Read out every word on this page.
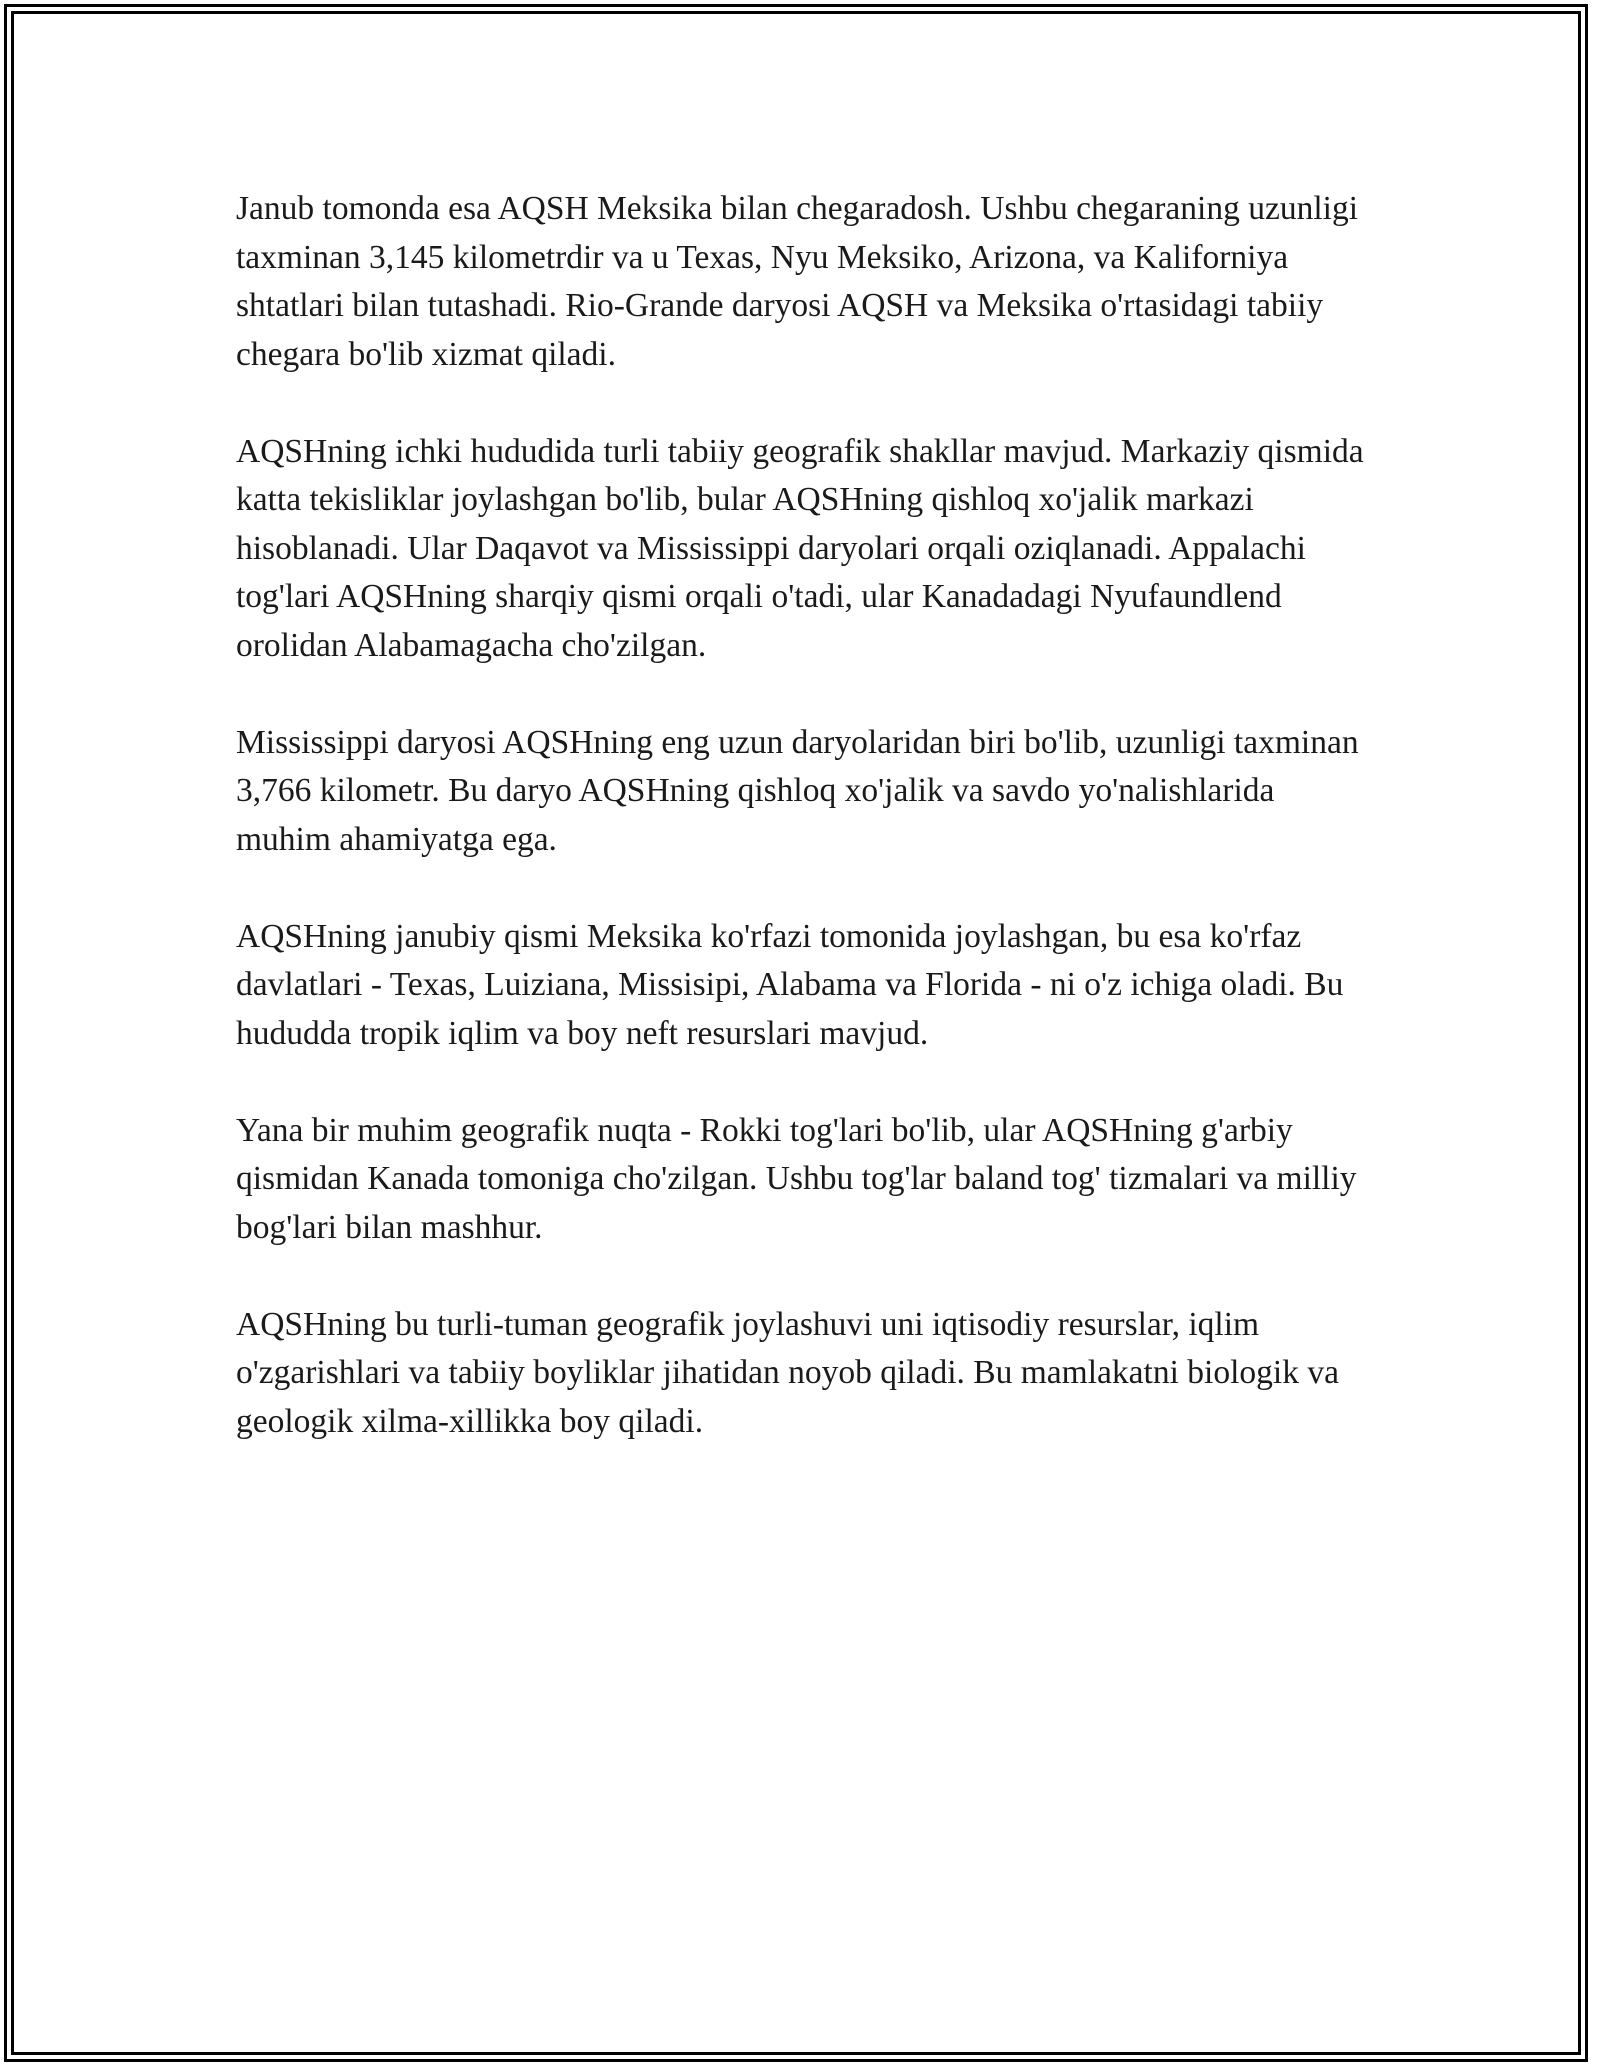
Janub tomonda esa AQSH Meksika bilan chegaradosh. Ushbu chegaraning uzunligi taxminan 3,145 kilometrdir va u Texas, Nyu Meksiko, Arizona, va Kaliforniya shtatlari bilan tutashadi. Rio-Grande daryosi AQSH va Meksika o'rtasidagi tabiiy chegara bo'lib xizmat qiladi.

AQSHning ichki hududida turli tabiiy geografik shakllar mavjud. Markaziy qismida katta tekisliklar joylashgan bo'lib, bular AQSHning qishloq xo'jalik markazi hisoblanadi. Ular Daqavot va Mississippi daryolari orqali oziqlanadi. Appalachi tog'lari AQSHning sharqiy qismi orqali o'tadi, ular Kanadadagi Nyufaundlend orolidan Alabamagacha cho'zilgan.

Mississippi daryosi AQSHning eng uzun daryolaridan biri bo'lib, uzunligi taxminan 3,766 kilometr. Bu daryo AQSHning qishloq xo'jalik va savdo yo'nalishlarida muhim ahamiyatga ega.

AQSHning janubiy qismi Meksika ko'rfazi tomonida joylashgan, bu esa ko'rfaz davlatlari - Texas, Luiziana, Missisipi, Alabama va Florida - ni o'z ichiga oladi. Bu hududda tropik iqlim va boy neft resurslari mavjud.

Yana bir muhim geografik nuqta - Rokki tog'lari bo'lib, ular AQSHning g'arbiy qismidan Kanada tomoniga cho'zilgan. Ushbu tog'lar baland tog' tizmalari va milliy bog'lari bilan mashhur.

AQSHning bu turli-tuman geografik joylashuvi uni iqtisodiy resurslar, iqlim o'zgarishlari va tabiiy boyliklar jihatidan noyob qiladi. Bu mamlakatni biologik va geologik xilma-xillikka boy qiladi.
